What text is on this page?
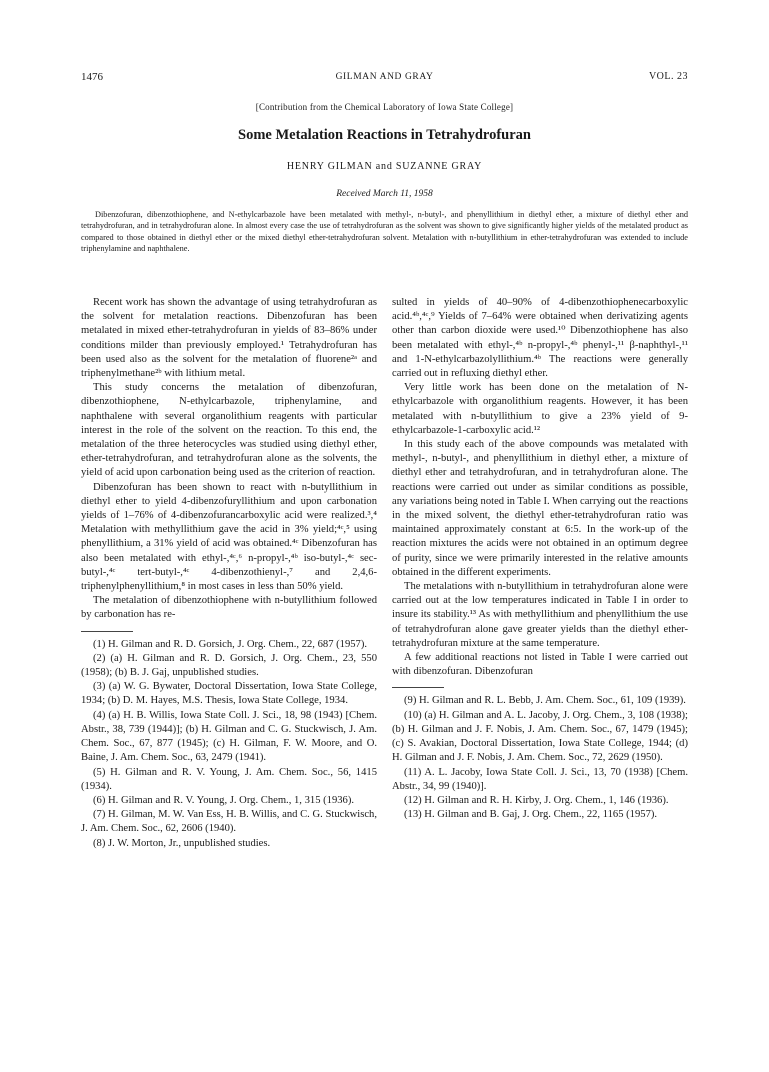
1476	GILMAN AND GRAY	VOL. 23
[Contribution from the Chemical Laboratory of Iowa State College]
Some Metalation Reactions in Tetrahydrofuran
HENRY GILMAN and SUZANNE GRAY
Received March 11, 1958
Dibenzofuran, dibenzothiophene, and N-ethylcarbazole have been metalated with methyl-, n-butyl-, and phenyllithium in diethyl ether, a mixture of diethyl ether and tetrahydrofuran, and in tetrahydrofuran alone. In almost every case the use of tetrahydrofuran as the solvent was shown to give significantly higher yields of the metalated product as compared to those obtained in diethyl ether or the mixed diethyl ether-tetrahydrofuran solvent. Metalation with n-butyllithium in ether-tetrahydrofuran was extended to include triphenylamine and naphthalene.

Recent work has shown the advantage of using tetrahydrofuran as the solvent for metalation reactions. Dibenzofuran has been metalated in mixed ether-tetrahydrofuran in yields of 83–86% under conditions milder than previously employed.¹ Tetrahydrofuran has been used also as the solvent for the metalation of fluorene²ᵃ and triphenylmethane²ᵇ with lithium metal.

This study concerns the metalation of dibenzofuran, dibenzothiophene, N-ethylcarbazole, triphenylamine, and naphthalene with several organolithium reagents with particular interest in the role of the solvent on the reaction. To this end, the metalation of the three heterocycles was studied using diethyl ether, ether-tetrahydrofuran, and tetrahydrofuran alone as the solvents, the yield of acid upon carbonation being used as the criterion of reaction.

Dibenzofuran has been shown to react with n-butyllithium in diethyl ether to yield 4-dibenzofuryllithium and upon carbonation yields of 1–76% of 4-dibenzofurancarboxylic acid were realized.³,⁴ Metalation with methyllithium gave the acid in 3% yield;⁴ᶜ,⁵ using phenyllithium, a 31% yield of acid was obtained.⁴ᶜ Dibenzofuran has also been metalated with ethyl-,⁴ᶜ,⁶ n-propyl-,⁴ᵇ iso-butyl-,⁴ᶜ sec-butyl-,⁴ᶜ tert-butyl-,⁴ᶜ 4-dibenzothienyl-,⁷ and 2,4,6-triphenylphenyllithium,⁸ in most cases in less than 50% yield.

The metalation of dibenzothiophene with n-butyllithium followed by carbonation has re-

(1) H. Gilman and R. D. Gorsich, J. Org. Chem., 22, 687 (1957).

(2) (a) H. Gilman and R. D. Gorsich, J. Org. Chem., 23, 550 (1958); (b) B. J. Gaj, unpublished studies.

(3) (a) W. G. Bywater, Doctoral Dissertation, Iowa State College, 1934; (b) D. M. Hayes, M.S. Thesis, Iowa State College, 1934.

(4) (a) H. B. Willis, Iowa State Coll. J. Sci., 18, 98 (1943) [Chem. Abstr., 38, 739 (1944)]; (b) H. Gilman and C. G. Stuckwisch, J. Am. Chem. Soc., 67, 877 (1945); (c) H. Gilman, F. W. Moore, and O. Baine, J. Am. Chem. Soc., 63, 2479 (1941).

(5) H. Gilman and R. V. Young, J. Am. Chem. Soc., 56, 1415 (1934).

(6) H. Gilman and R. V. Young, J. Org. Chem., 1, 315 (1936).

(7) H. Gilman, M. W. Van Ess, H. B. Willis, and C. G. Stuckwisch, J. Am. Chem. Soc., 62, 2606 (1940).

(8) J. W. Morton, Jr., unpublished studies.

sulted in yields of 40–90% of 4-dibenzothiophenecarboxylic acid.⁴ᵇ,⁴ᶜ,⁹ Yields of 7–64% were obtained when derivatizing agents other than carbon dioxide were used.¹⁰ Dibenzothiophene has also been metalated with ethyl-,⁴ᵇ n-propyl-,⁴ᵇ phenyl-,¹¹ β-naphthyl-,¹¹ and 1-N-ethylcarbazolyllithium.⁴ᵇ The reactions were generally carried out in refluxing diethyl ether.

Very little work has been done on the metalation of N-ethylcarbazole with organolithium reagents. However, it has been metalated with n-butyllithium to give a 23% yield of 9-ethylcarbazole-1-carboxylic acid.¹²

In this study each of the above compounds was metalated with methyl-, n-butyl-, and phenyllithium in diethyl ether, a mixture of diethyl ether and tetrahydrofuran, and in tetrahydrofuran alone. The reactions were carried out under as similar conditions as possible, any variations being noted in Table I. When carrying out the reactions in the mixed solvent, the diethyl ether-tetrahydrofuran ratio was maintained approximately constant at 6:5. In the work-up of the reaction mixtures the acids were not obtained in an optimum degree of purity, since we were primarily interested in the relative amounts obtained in the different experiments.

The metalations with n-butyllithium in tetrahydrofuran alone were carried out at the low temperatures indicated in Table I in order to insure its stability.¹³ As with methyllithium and phenyllithium the use of tetrahydrofuran alone gave greater yields than the diethyl ether-tetrahydrofuran mixture at the same temperature.

A few additional reactions not listed in Table I were carried out with dibenzofuran. Dibenzofuran

(9) H. Gilman and R. L. Bebb, J. Am. Chem. Soc., 61, 109 (1939).

(10) (a) H. Gilman and A. L. Jacoby, J. Org. Chem., 3, 108 (1938); (b) H. Gilman and J. F. Nobis, J. Am. Chem. Soc., 67, 1479 (1945); (c) S. Avakian, Doctoral Dissertation, Iowa State College, 1944; (d) H. Gilman and J. F. Nobis, J. Am. Chem. Soc., 72, 2629 (1950).

(11) A. L. Jacoby, Iowa State Coll. J. Sci., 13, 70 (1938) [Chem. Abstr., 34, 99 (1940)].

(12) H. Gilman and R. H. Kirby, J. Org. Chem., 1, 146 (1936).

(13) H. Gilman and B. Gaj, J. Org. Chem., 22, 1165 (1957).
